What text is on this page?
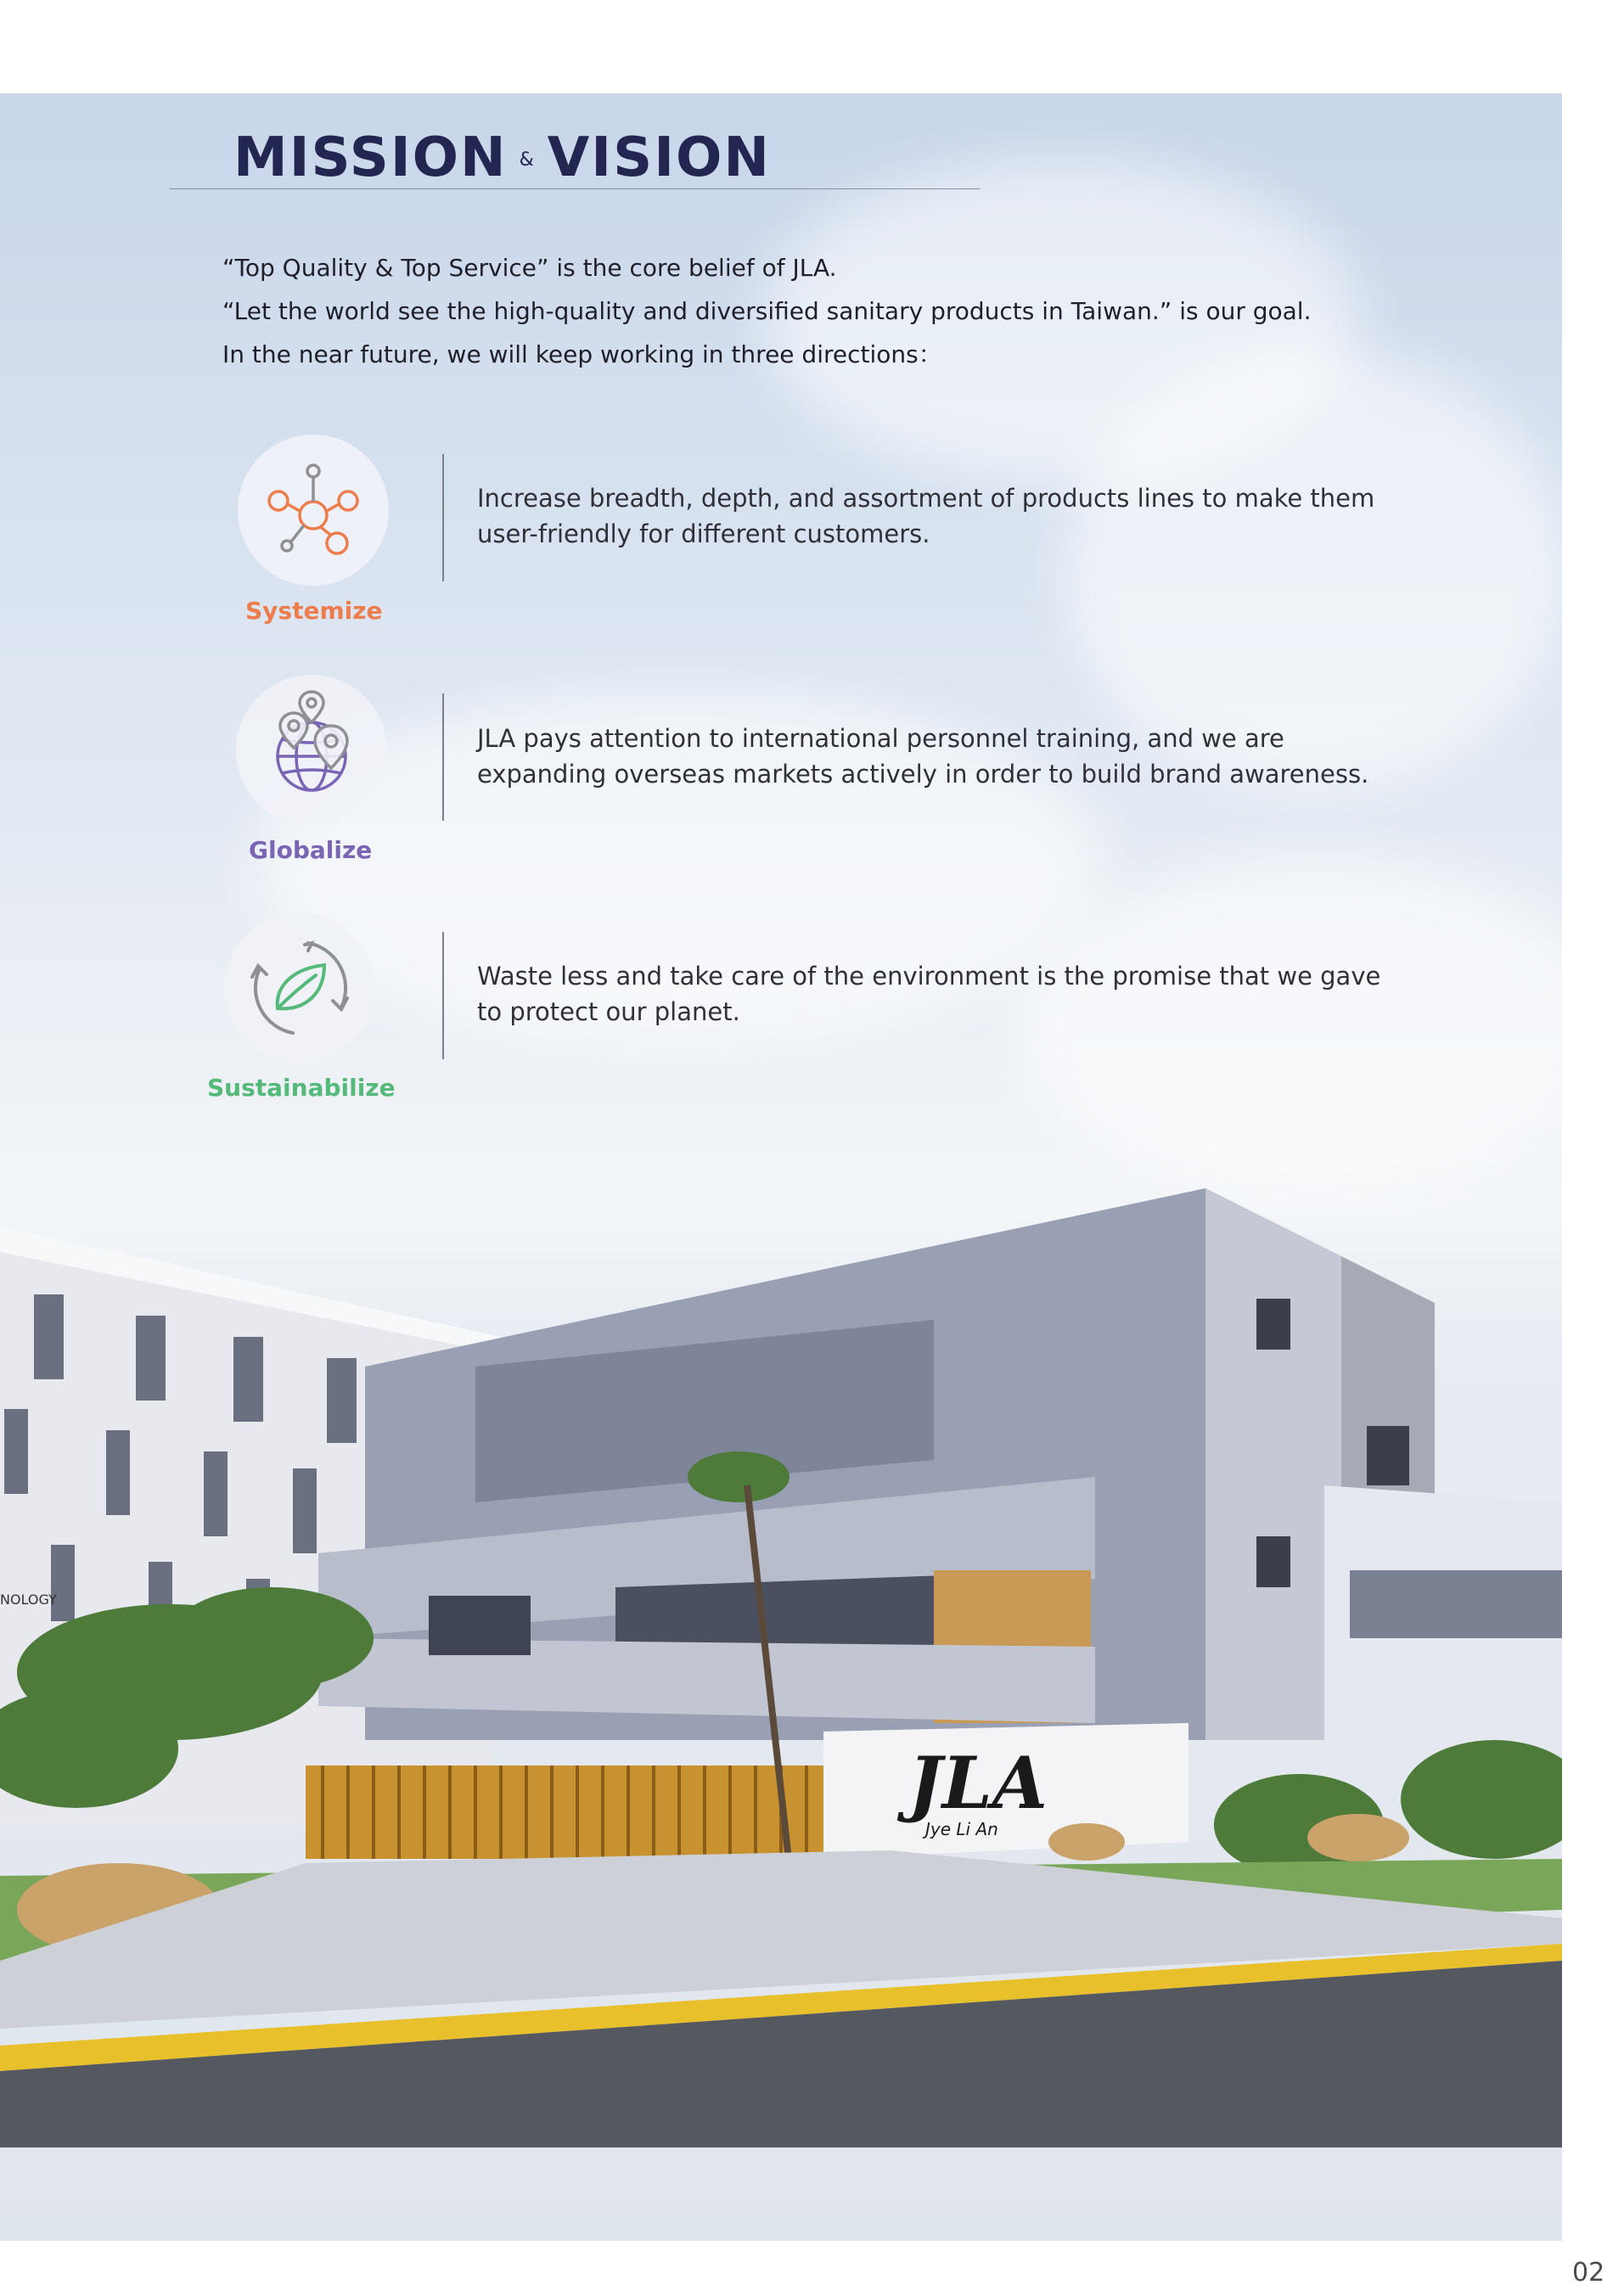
MISSION & VISION

“Top Quality & Top Service” is the core belief of JLA.

“Let the world see the high-quality and diversified sanitary products in Taiwan.” is our goal.

In the near future, we will keep working in three directions：

Systemize
Increase breadth, depth, and assortment of products lines to make them
user-friendly for different customers.
Globalize
JLA pays attention to international personnel training, and we are
expanding overseas markets actively in order to build brand awareness.
Sustainabilize
Waste less and take care of the environment is the promise that we gave
to protect our planet.
NOLOGY
JLA
Jye Li An
02
